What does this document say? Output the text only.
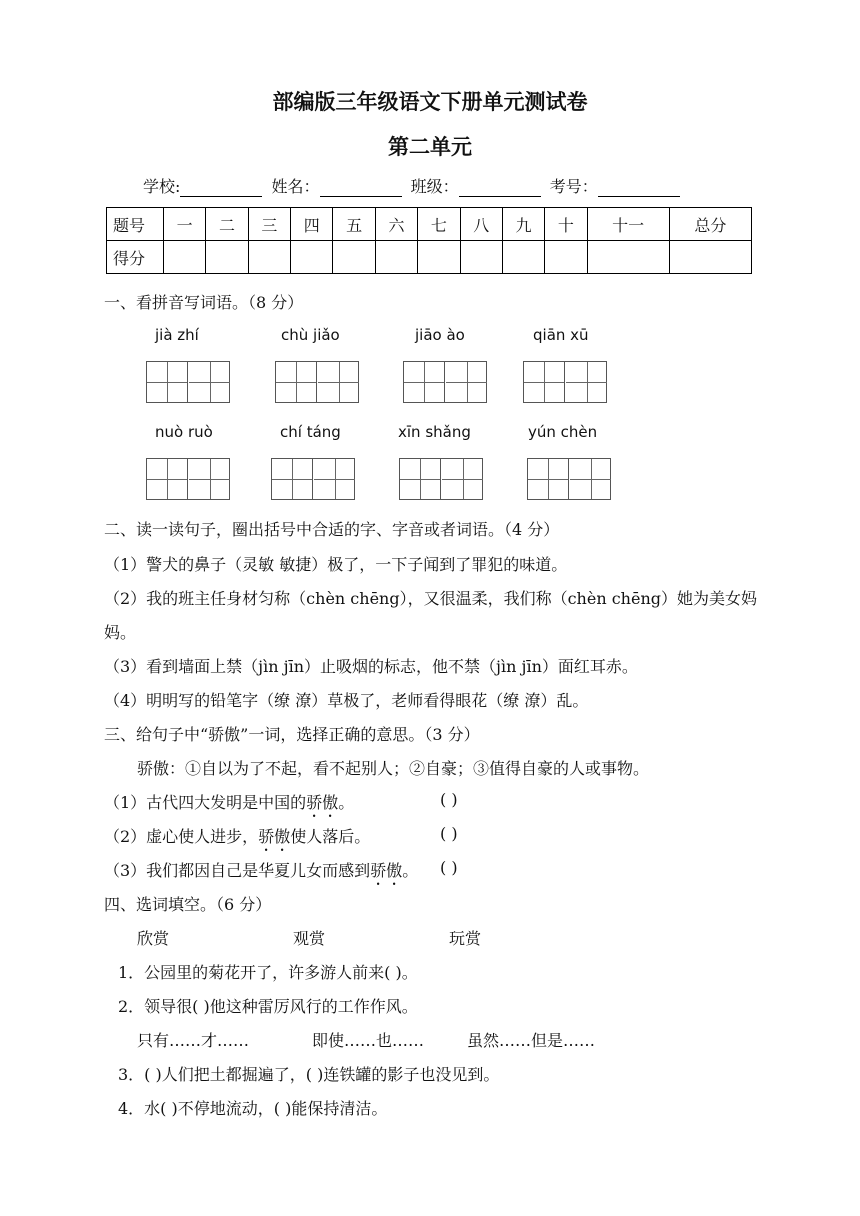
部编版三年级语文下册单元测试卷
第二单元
学校:	姓名：	班级：	考号：
题号	一	二	三	四	五	六	七	八	九	十	十一	总分
得分												
一、看拼音写词语。（8 分）
jià zhí	chù jiǎo	jiāo ào	qiān xū
nuò ruò	chí táng	xīn shǎng	yún chèn
二、读一读句子，圈出括号中合适的字、字音或者词语。（4 分）
（1）警犬的鼻子（灵敏 敏捷）极了，一下子闻到了罪犯的味道。
（2）我的班主任身材匀称（chèn chēng），又很温柔，我们称（chèn chēng）她为美女妈
妈。
（3）看到墙面上禁（jìn jīn）止吸烟的标志，他不禁（jìn jīn）面红耳赤。
（4）明明写的铅笔字（缭 潦）草极了，老师看得眼花（缭 潦）乱。
三、给句子中“骄傲”一词，选择正确的意思。（3 分）
骄傲：①自以为了不起，看不起别人；②自豪；③值得自豪的人或事物。
（1）古代四大发明是中国的骄傲。	( )
（2）虚心使人进步，骄傲使人落后。	( )
（3）我们都因自己是华夏儿女而感到骄傲。 ( )
四、选词填空。（6 分）
欣赏	观赏	玩赏
1．公园里的菊花开了，许多游人前来( )。
2．领导很( )他这种雷厉风行的工作作风。
只有……才……	即使……也……	虽然……但是……
3．( )人们把土都掘遍了，( )连铁罐的影子也没见到。
4．水( )不停地流动，( )能保持清洁。
